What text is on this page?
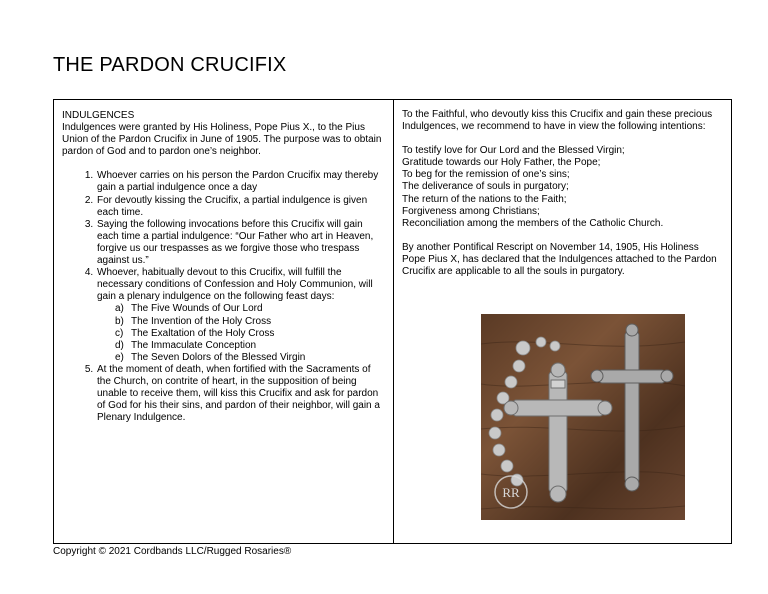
THE PARDON CRUCIFIX

INDULGENCES

Indulgences were granted by His Holiness, Pope Pius X., to the Pius Union of the Pardon Crucifix in June of 1905. The purpose was to obtain pardon of God and to pardon one’s neighbor.

1. Whoever carries on his person the Pardon Crucifix may thereby gain a partial indulgence once a day
2. For devoutly kissing the Crucifix, a partial indulgence is given each time.
3. Saying the following invocations before this Crucifix will gain each time a partial indulgence: “Our Father who art in Heaven, forgive us our trespasses as we forgive those who trespass against us.”
4. Whoever, habitually devout to this Crucifix, will fulfill the necessary conditions of Confession and Holy Communion, will gain a plenary indulgence on the following feast days:
a) The Five Wounds of Our Lord
b) The Invention of the Holy Cross
c) The Exaltation of the Holy Cross
d) The Immaculate Conception
e) The Seven Dolors of the Blessed Virgin
5. At the moment of death, when fortified with the Sacraments of the Church, on contrite of heart, in the supposition of being unable to receive them, will kiss this Crucifix and ask for pardon of God for his their sins, and pardon of their neighbor, will gain a Plenary Indulgence.

To the Faithful, who devoutly kiss this Crucifix and gain these precious Indulgences, we recommend to have in view the following intentions:

To testify love for Our Lord and the Blessed Virgin;

Gratitude towards our Holy Father, the Pope;

To beg for the remission of one’s sins;

The deliverance of souls in purgatory;

The return of the nations to the Faith;

Forgiveness among Christians;

Reconciliation among the members of the Catholic Church.

By another Pontifical Rescript on November 14, 1905, His Holiness Pope Pius X, has declared that the Indulgences attached to the Pardon Crucifix are applicable to all the souls in purgatory.

RR
Copyright © 2021 Cordbands LLC/Rugged Rosaries®
